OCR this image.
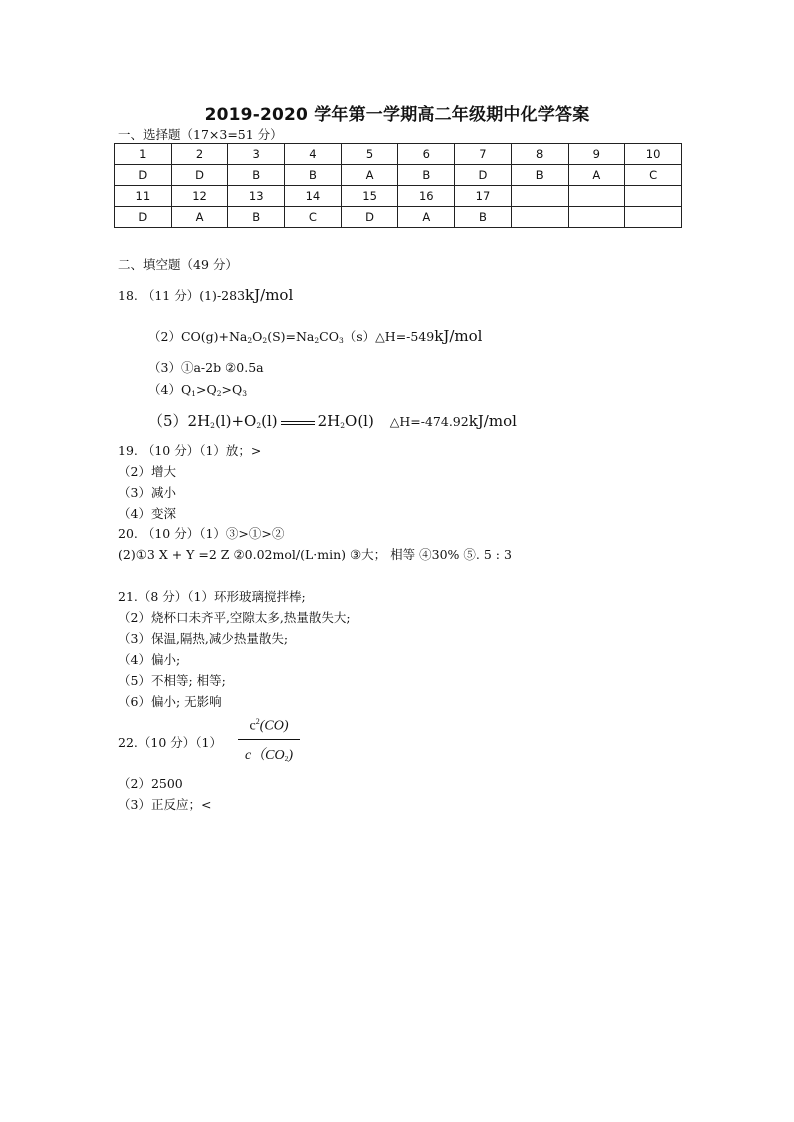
2019-2020 学年第一学期高二年级期中化学答案
一、选择题（17×3=51 分）
1	2	3	4	5	6	7	8	9	10
D	D	B	B	A	B	D	B	A	C
11	12	13	14	15	16	17			
D	A	B	C	D	A	B			
二、填空题（49 分）
18. （11 分）(1)-283kJ/mol
$(2)CO(g)+Na_2O_2(S)=Na_2CO_3(s)\triangle H=-549kJ$/mol
（3）①a-2b ②0.5a
$(4)Q_1>Q_2>Q_3$
$(5)2H_2(l)+O_2(l)$	$2H_2O(l)$ △H=-474.92kJ/mol
19. （10 分）（1）放；>
（2）增大
（3）减小
（4）变深
20. （10 分）（1）③>①>②
(2)①3 X + Y =2 Z ②0.02mol/(L·min) ③大； 相等 ④30% ⑤. 5 : 3
21.（8 分）（1）环形玻璃搅拌棒;
（2）烧杯口未齐平,空隙太多,热量散失大;
（3）保温,隔热,减少热量散失;
（4）偏小;
（5）不相等; 相等;
（6）偏小; 无影响
22.（10 分）（1）
$c^2(CO)$
$c(CO_2)$
（2）2500
（3）正反应；<
